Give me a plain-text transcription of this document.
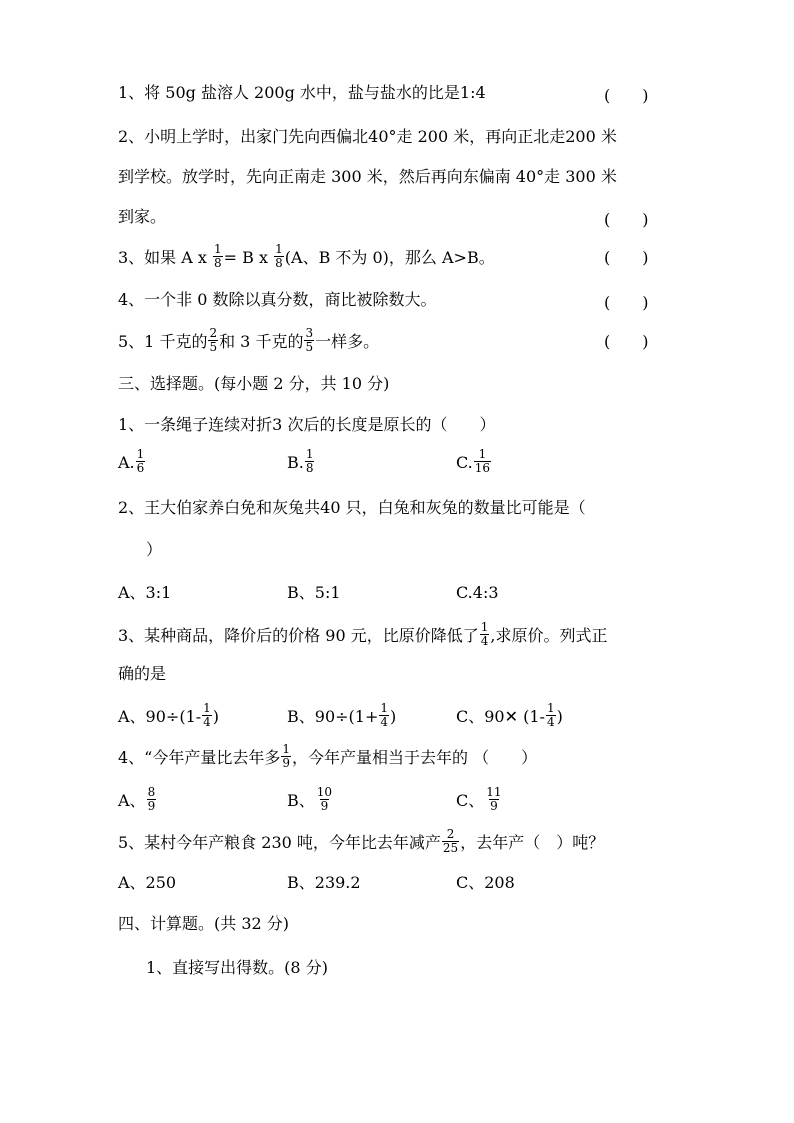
1、将 50g 盐溶人 200g 水中，盐与盐水的比是1:4	(　　)
2、小明上学时，出家门先向西偏北40°走 200 米，再向正北走200 米
到学校。放学时，先向正南走 300 米，然后再向东偏南 40°走 300 米
到家。	(　　)
3、如果 A x $\frac{1}{8} = B$ x $\frac{1}{8} (A$、B 不为 0)，那么 A>B。	(　　)
4、一个非 0 数除以真分数，商比被除数大。	(　　)
5、1 千克的 $\frac{2}{5}$ 和 3 千克的 $\frac{3}{5}$ 一样多。	(　　)
三、选择题。(每小题 2 分，共 10 分)
1、一条绳子连续对折3 次后的长度是原长的（　　）
A. $\frac{1}{6}$	B. $\frac{1}{8}$	C. $\frac{1}{16}$
2、王大伯家养白免和灰兔共40 只，白兔和灰兔的数量比可能是（
）
A、3:1	B、5:1	C.4:3
3、某种商品，降价后的价格 90 元，比原价降低了 $\frac{1}{4}$ ,求原价。列式正
确的是
A、$90\div(1- \frac{1}{4}$ )	B、$90\div(1+ \frac{1}{4}$ )	C、90✕ ($1- \frac{1}{4}$ )
4、“今年产量比去年多 $\frac{1}{9}$ ，今年产量相当于去年的 （　　）
A、 $\frac{8}{9}$	B、 $\frac{10}{9}$	C、 $\frac{11}{9}$
5、某村今年产粮食 230 吨，今年比去年减产 $\frac{2}{25}$ ，去年产（　）吨？
A、250	B、239.2	C、208
四、计算题。(共 32 分)
1、直接写出得数。(8 分)
